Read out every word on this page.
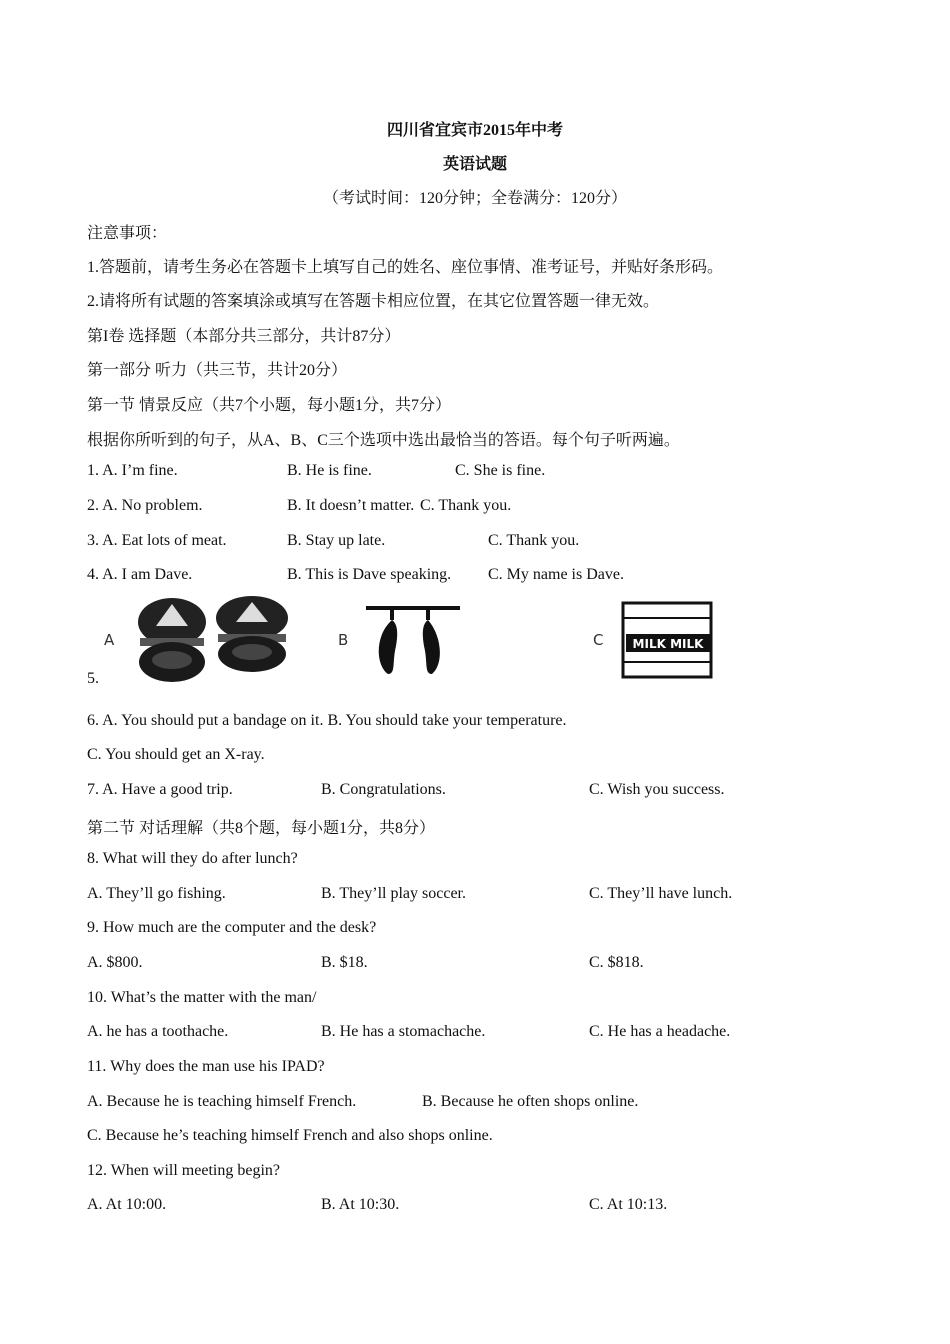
四川省宜宾市2015年中考
英语试题
（考试时间：120分钟；全卷满分：120分）
注意事项：
1.答题前，请考生务必在答题卡上填写自己的姓名、座位事情、准考证号，并贴好条形码。
2.请将所有试题的答案填涂或填写在答题卡相应位置，在其它位置答题一律无效。
第I卷 选择题（本部分共三部分，共计87分）
第一部分 听力（共三节，共计20分）
第一节 情景反应（共7个小题，每小题1分，共7分）
根据你所听到的句子，从A、B、C三个选项中选出最恰当的答语。每个句子听两遍。
1. A. I’m fine.	B. He is fine.	C. She is fine.
2. A. No problem.	B. It doesn’t matter. C. Thank you.
3. A. Eat lots of meat.	B. Stay up late.	C. Thank you.
4. A. I am Dave.	B. This is Dave speaking. C. My name is Dave.
A	B	C MILK MILK
5.
6. A. You should put a bandage on it. B. You should take your temperature.
C. You should get an X-ray.
7. A. Have a good trip.	B. Congratulations.	C. Wish you success.
第二节 对话理解（共8个题，每小题1分，共8分）
8. What will they do after lunch?
A. They’ll go fishing.	B. They’ll play soccer.	C. They’ll have lunch.
9. How much are the computer and the desk?
A. $800.	B. $18.	C. $818.
10. What’s the matter with the man/
A. he has a toothache.	B. He has a stomachache.	C. He has a headache.
11. Why does the man use his IPAD?
A. Because he is teaching himself French.	B. Because he often shops online.
C. Because he’s teaching himself French and also shops online.
12. When will meeting begin?
A. At 10:00.	B. At 10:30.	C. At 10:13.
